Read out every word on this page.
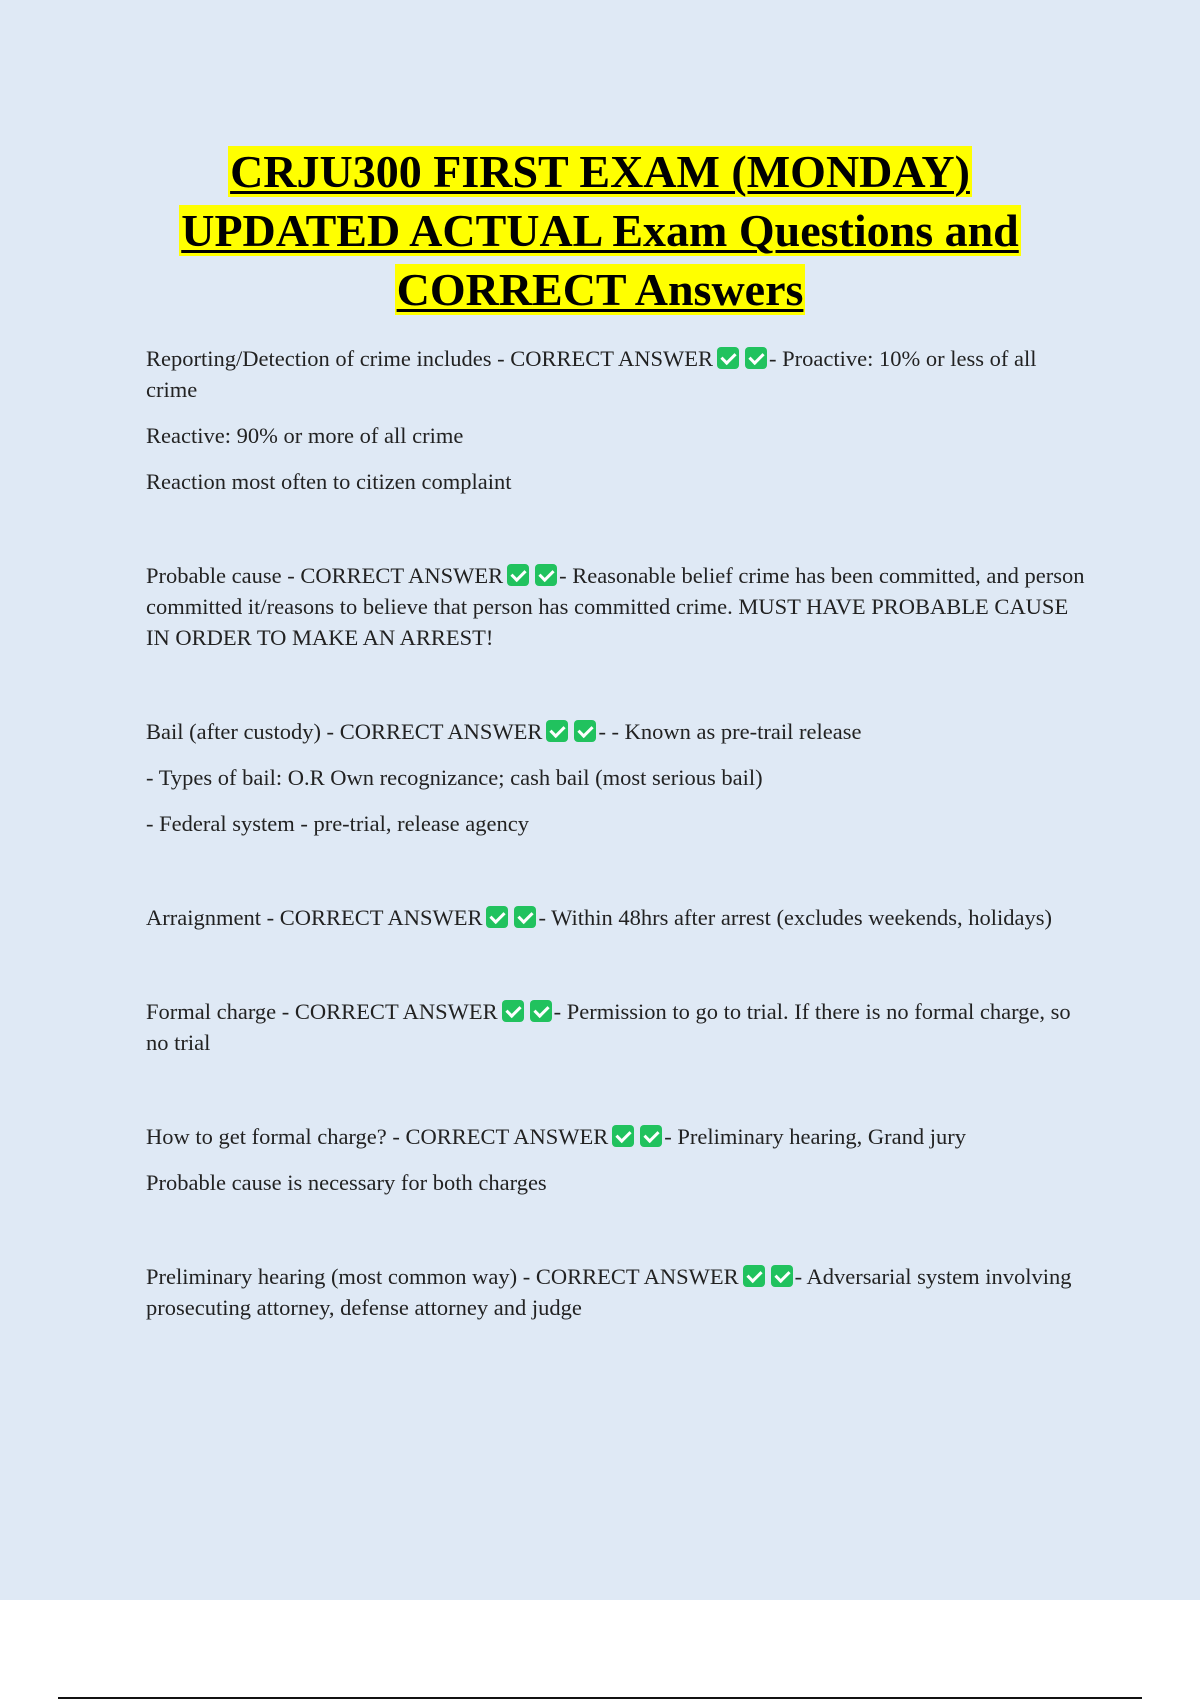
CRJU300 FIRST EXAM (MONDAY)
UPDATED ACTUAL Exam Questions and
CORRECT Answers

Reporting/Detection of crime includes - CORRECT ANSWER - Proactive: 10% or less of all crime

Reactive: 90% or more of all crime

Reaction most often to citizen complaint

Probable cause - CORRECT ANSWER - Reasonable belief crime has been committed, and person committed it/reasons to believe that person has committed crime. MUST HAVE PROBABLE CAUSE IN ORDER TO MAKE AN ARREST!

Bail (after custody) - CORRECT ANSWER - - Known as pre-trail release

- Types of bail: O.R Own recognizance; cash bail (most serious bail)

- Federal system - pre-trial, release agency

Arraignment - CORRECT ANSWER - Within 48hrs after arrest (excludes weekends, holidays)

Formal charge - CORRECT ANSWER - Permission to go to trial. If there is no formal charge, so no trial

How to get formal charge? - CORRECT ANSWER - Preliminary hearing, Grand jury

Probable cause is necessary for both charges

Preliminary hearing (most common way) - CORRECT ANSWER - Adversarial system involving prosecuting attorney, defense attorney and judge
